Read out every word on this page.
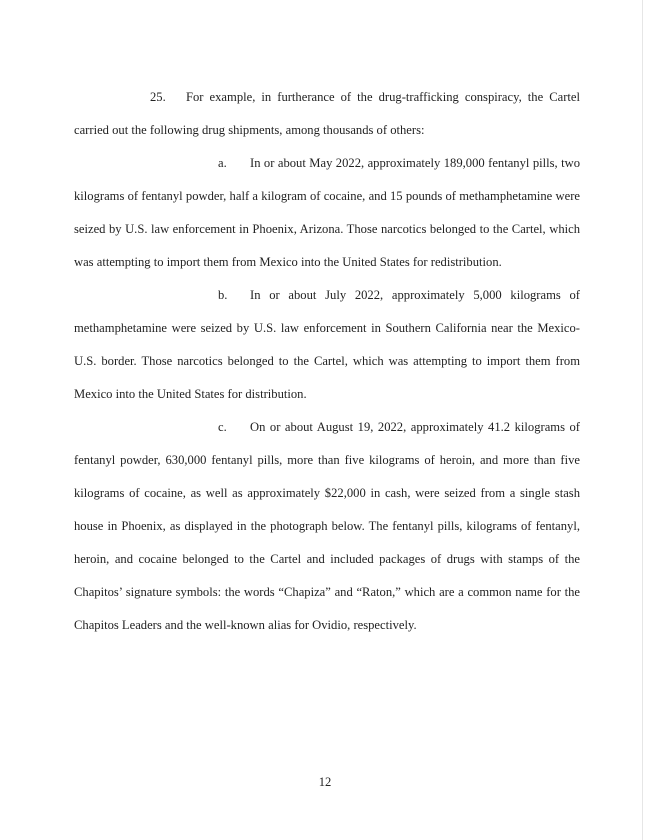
25. For example, in furtherance of the drug-trafficking conspiracy, the Cartel carried out the following drug shipments, among thousands of others:

a. In or about May 2022, approximately 189,000 fentanyl pills, two kilograms of fentanyl powder, half a kilogram of cocaine, and 15 pounds of methamphetamine were seized by U.S. law enforcement in Phoenix, Arizona. Those narcotics belonged to the Cartel, which was attempting to import them from Mexico into the United States for redistribution.

b. In or about July 2022, approximately 5,000 kilograms of methamphetamine were seized by U.S. law enforcement in Southern California near the Mexico-U.S. border. Those narcotics belonged to the Cartel, which was attempting to import them from Mexico into the United States for distribution.

c. On or about August 19, 2022, approximately 41.2 kilograms of fentanyl powder, 630,000 fentanyl pills, more than five kilograms of heroin, and more than five kilograms of cocaine, as well as approximately $22,000 in cash, were seized from a single stash house in Phoenix, as displayed in the photograph below. The fentanyl pills, kilograms of fentanyl, heroin, and cocaine belonged to the Cartel and included packages of drugs with stamps of the Chapitos’ signature symbols: the words “Chapiza” and “Raton,” which are a common name for the Chapitos Leaders and the well-known alias for Ovidio, respectively.

12
